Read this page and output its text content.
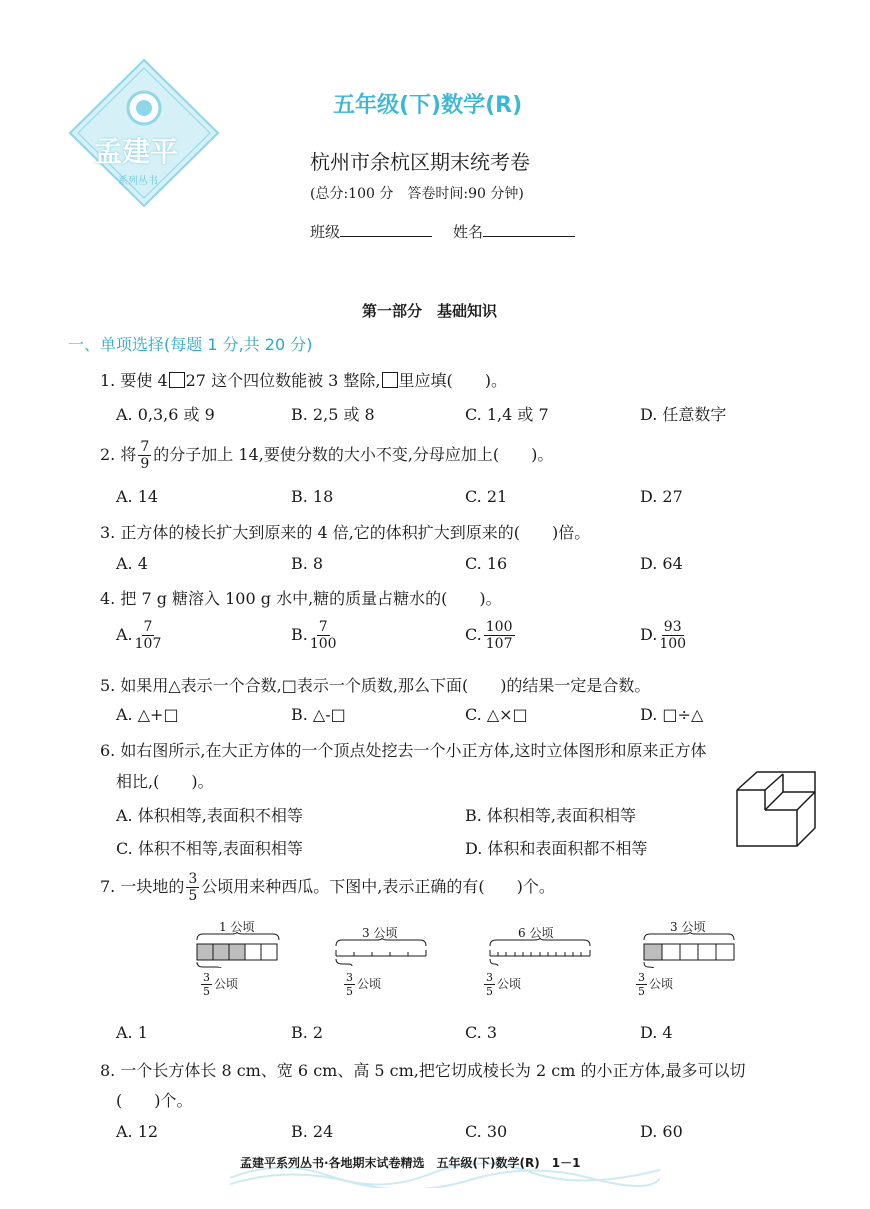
孟建平
系列丛书
五年级(下)数学(R)
杭州市余杭区期末统考卷
(总分:100 分　答卷时间:90 分钟)
班级	姓名
第一部分　基础知识
一、单项选择(每题 1 分,共 20 分)
1. 要使 4 27 这个四位数能被 3 整除, 里应填(　　)。
A. 0,3,6 或 9	B. 2,5 或 8	C. 1,4 或 7	D. 任意数字
2. 将 $\frac{7}{9}$ 的分子加上 14,要使分数的大小不变,分母应加上(　　)。
A. 14	B. 18	C. 21	D. 27
3. 正方体的棱长扩大到原来的 4 倍,它的体积扩大到原来的(　　)倍。
A. 4	B. 8	C. 16	D. 64
4. 把 7 g 糖溶入 100 g 水中,糖的质量占糖水的(　　)。
A. $\frac{7}{107}$	B. $\frac{7}{100}$	C. $\frac{100}{107}$	D. $\frac{93}{100}$
5. 如果用△表示一个合数,□表示一个质数,那么下面(　　)的结果一定是合数。
A. △+□	B. △-□	C. △×□	D. □÷△
6. 如右图所示,在大正方体的一个顶点处挖去一个小正方体,这时立体图形和原来正方体
相比,(　　)。
A. 体积相等,表面积不相等	B. 体积相等,表面积相等
C. 体积不相等,表面积相等	D. 体积和表面积都不相等
7. 一块地的 $\frac{3}{5}$ 公顷用来种西瓜。下图中,表示正确的有(　　)个。
1 公顷
$\frac{3}{5}$ 公顷
3 公顷
$\frac{3}{5}$ 公顷
6 公顷
$\frac{3}{5}$ 公顷
3 公顷
$\frac{3}{5}$ 公顷
A. 1	B. 2	C. 3	D. 4
8. 一个长方体长 8 cm、宽 6 cm、高 5 cm,把它切成棱长为 2 cm 的小正方体,最多可以切
(　　)个。
A. 12	B. 24	C. 30	D. 60
孟建平系列丛书·各地期末试卷精选　五年级(下)数学(R)　1－1
